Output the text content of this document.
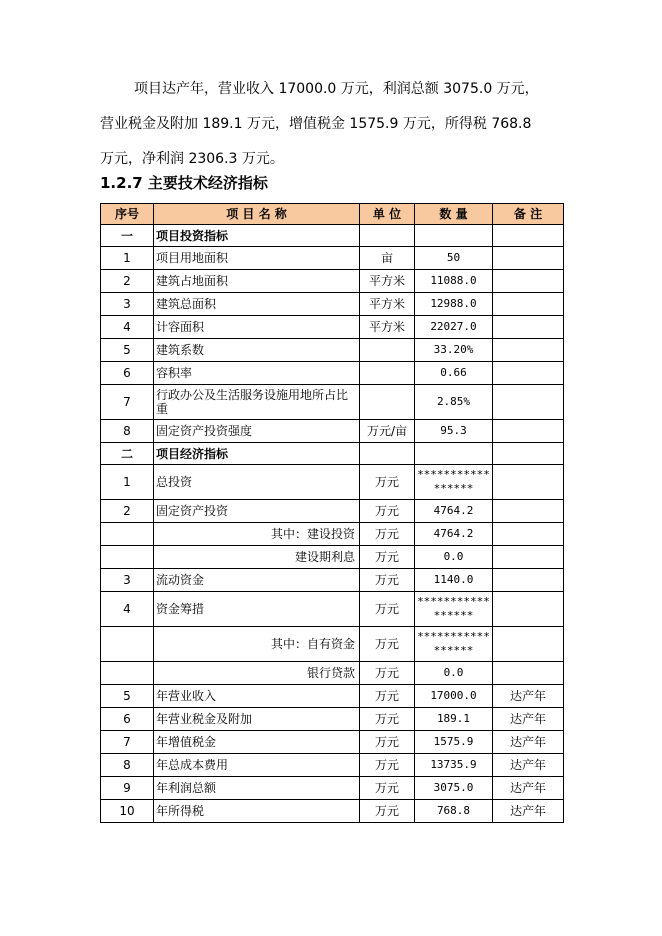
项目达产年，营业收入 17000.0 万元，利润总额 3075.0 万元，
营业税金及附加 189.1 万元，增值税金 1575.9 万元，所得税 768.8
万元，净利润 2306.3 万元。
1.2.7 主要技术经济指标
序号	项 目 名 称	单 位	数 量	备 注
一	项目投资指标			
1	项目用地面积	亩	50	
2	建筑占地面积	平方米	11088.0	
3	建筑总面积	平方米	12988.0	
4	计容面积	平方米	22027.0	
5	建筑系数		33.20%	
6	容积率		0.66	
7	行政办公及生活服务设施用地所占比重		2.85%	
8	固定资产投资强度	万元/亩	95.3	
二	项目经济指标			
1	总投资	万元	*****************	
2	固定资产投资	万元	4764.2	
	其中：建设投资	万元	4764.2	
	建设期利息	万元	0.0	
3	流动资金	万元	1140.0	
4	资金筹措	万元	*****************	
	其中：自有资金	万元	*****************	
	银行贷款	万元	0.0	
5	年营业收入	万元	17000.0	达产年
6	年营业税金及附加	万元	189.1	达产年
7	年增值税金	万元	1575.9	达产年
8	年总成本费用	万元	13735.9	达产年
9	年利润总额	万元	3075.0	达产年
10	年所得税	万元	768.8	达产年
